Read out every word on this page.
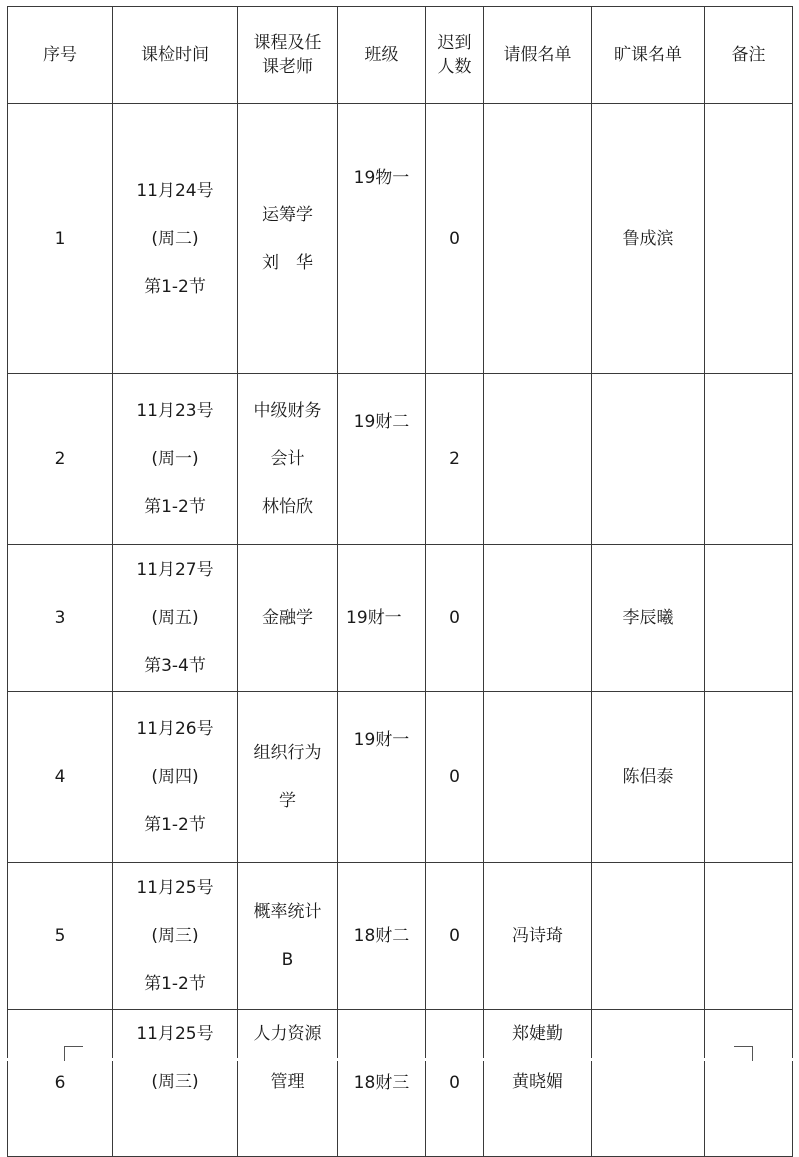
序号	课检时间	课程及任
课老师	班级	迟到
人数	请假名单	旷课名单	备注

1	11月24号
(周二)
第1-2节	运筹学
刘　华	19物一	0		鲁成滨	

2	11月23号
(周一)
第1-2节	中级财务
会计
林怡欣	19财二	2			
3	11月27号
(周五)
第3-4节	金融学	19财一	0		李辰曦	

4	11月26号
(周四)
第1-2节	组织行为
学	19财一	0		陈侣泰	

5	11月25号
(周三)
第1-2节	概率统计
B	18财二	0	冯诗琦		

6	11月25号
(周三)	人力资源
管理	18财三	0	郑婕勤
黄晓媚		
